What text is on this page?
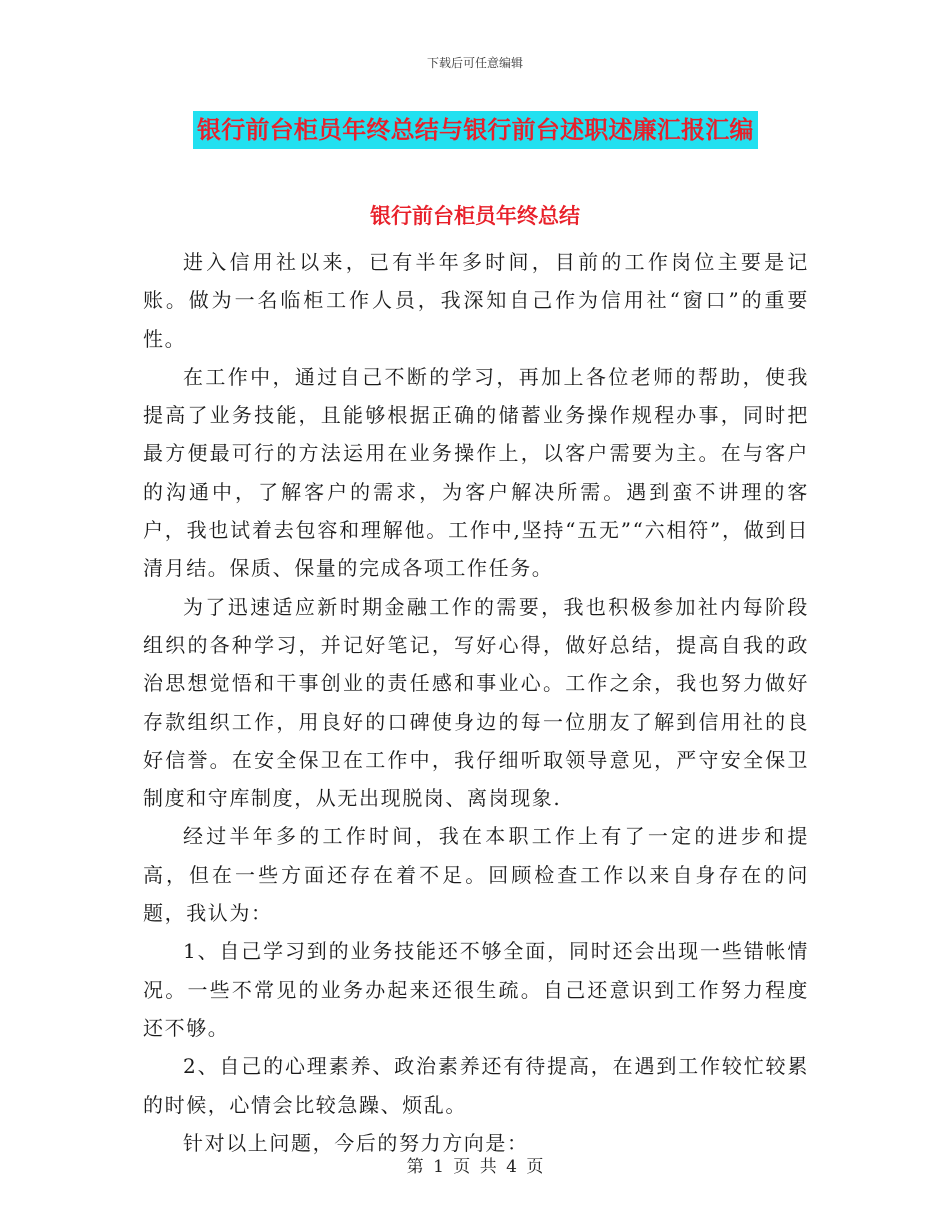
下载后可任意编辑
银行前台柜员年终总结与银行前台述职述廉汇报汇编
银行前台柜员年终总结

进入信用社以来，已有半年多时间，目前的工作岗位主要是记账。做为一名临柜工作人员，我深知自己作为信用社“窗口”的重要性。

在工作中，通过自己不断的学习，再加上各位老师的帮助，使我提高了业务技能，且能够根据正确的储蓄业务操作规程办事，同时把最方便最可行的方法运用在业务操作上，以客户需要为主。在与客户的沟通中，了解客户的需求，为客户解决所需。遇到蛮不讲理的客户，我也试着去包容和理解他。工作中,坚持“五无”“六相符”，做到日清月结。保质、保量的完成各项工作任务。

为了迅速适应新时期金融工作的需要，我也积极参加社内每阶段组织的各种学习，并记好笔记，写好心得，做好总结，提高自我的政治思想觉悟和干事创业的责任感和事业心。工作之余，我也努力做好存款组织工作，用良好的口碑使身边的每一位朋友了解到信用社的良好信誉。在安全保卫在工作中，我仔细听取领导意见，严守安全保卫制度和守库制度，从无出现脱岗、离岗现象.

经过半年多的工作时间，我在本职工作上有了一定的进步和提高，但在一些方面还存在着不足。回顾检查工作以来自身存在的问题，我认为：

1、自己学习到的业务技能还不够全面，同时还会出现一些错帐情况。一些不常见的业务办起来还很生疏。自己还意识到工作努力程度还不够。

2、自己的心理素养、政治素养还有待提高，在遇到工作较忙较累的时候，心情会比较急躁、烦乱。

针对以上问题，今后的努力方向是：

第 1 页 共 4 页
